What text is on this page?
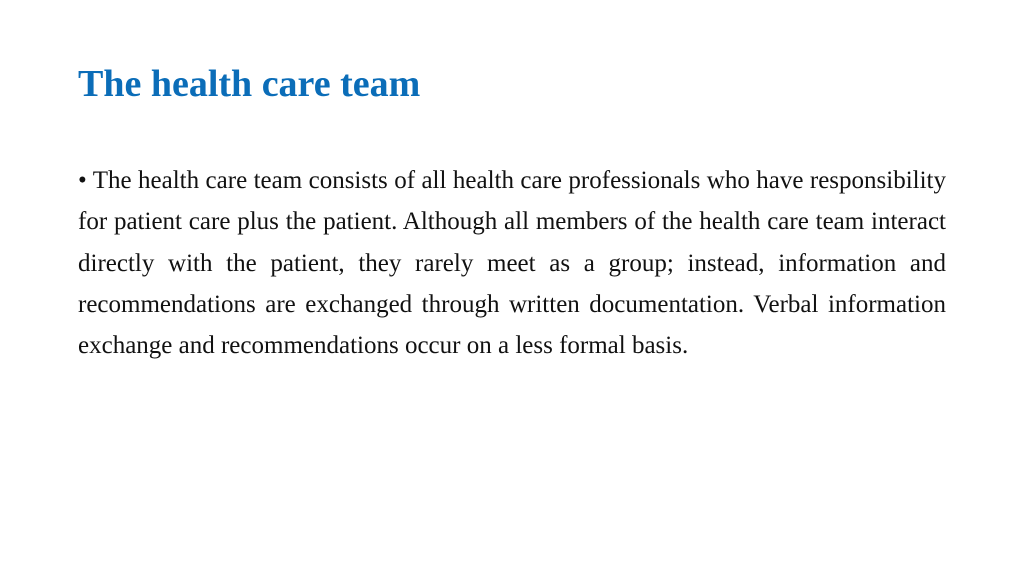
The health care team

• The health care team consists of all health care professionals who have responsibility for patient care plus the patient. Although all members of the health care team interact directly with the patient, they rarely meet as a group; instead, information and recommendations are exchanged through written documentation. Verbal information exchange and recommendations occur on a less formal basis.
